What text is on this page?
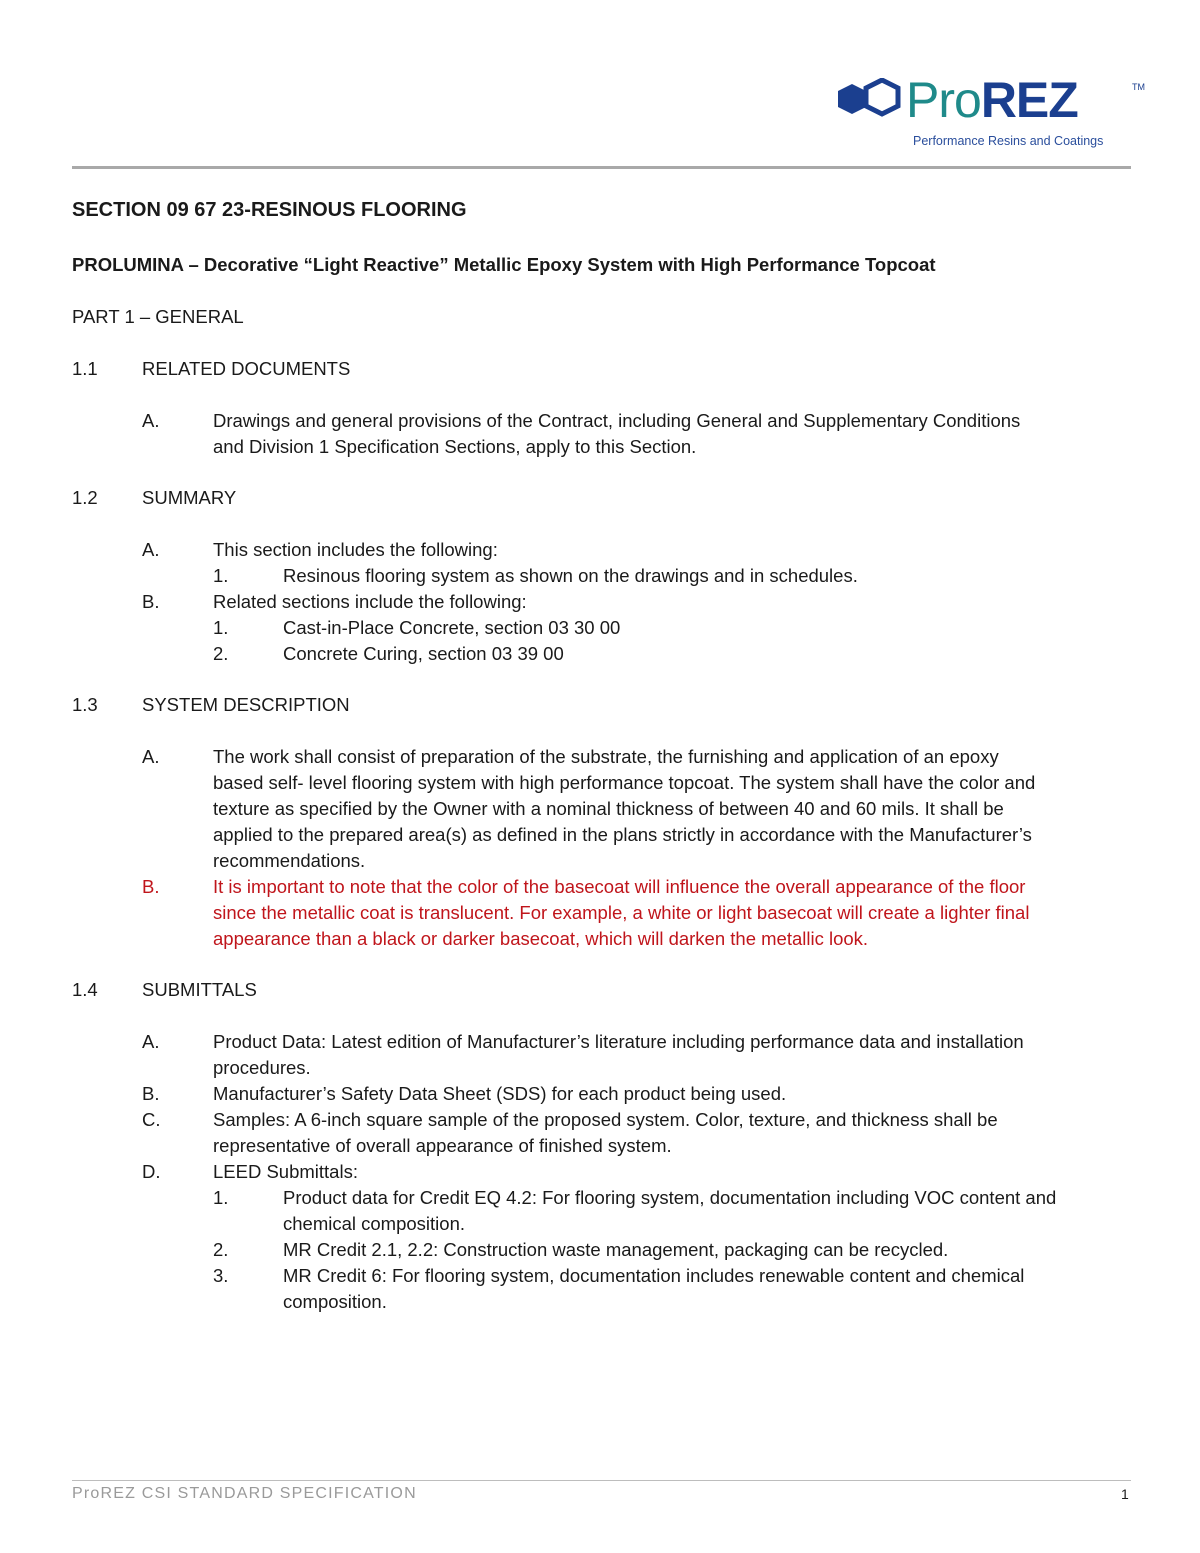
ProREZ	TM
Performance Resins and Coatings
SECTION 09 67 23-RESINOUS FLOORING
PROLUMINA – Decorative “Light Reactive” Metallic Epoxy System with High Performance Topcoat
PART 1 – GENERAL
1.1 RELATED DOCUMENTS
A.	Drawings and general provisions of the Contract, including General and Supplementary Conditions
and Division 1 Specification Sections, apply to this Section.
1.2 SUMMARY
A.	This section includes the following:
1.	Resinous flooring system as shown on the drawings and in schedules.
B.	Related sections include the following:
1.	Cast-in-Place Concrete, section 03 30 00
2.	Concrete Curing, section 03 39 00
1.3 SYSTEM DESCRIPTION
A.	The work shall consist of preparation of the substrate, the furnishing and application of an epoxy
based self- level flooring system with high performance topcoat. The system shall have the color and
texture as specified by the Owner with a nominal thickness of between 40 and 60 mils. It shall be
applied to the prepared area(s) as defined in the plans strictly in accordance with the Manufacturer’s
recommendations.
B.	It is important to note that the color of the basecoat will influence the overall appearance of the floor
since the metallic coat is translucent. For example, a white or light basecoat will create a lighter final
appearance than a black or darker basecoat, which will darken the metallic look.
1.4 SUBMITTALS
A.	Product Data: Latest edition of Manufacturer’s literature including performance data and installation
procedures.
B.	Manufacturer’s Safety Data Sheet (SDS) for each product being used.
C.	Samples: A 6-inch square sample of the proposed system. Color, texture, and thickness shall be
representative of overall appearance of finished system.
D.	LEED Submittals:
1.	Product data for Credit EQ 4.2: For flooring system, documentation including VOC content and
chemical composition.
2.	MR Credit 2.1, 2.2: Construction waste management, packaging can be recycled.
3.	MR Credit 6: For flooring system, documentation includes renewable content and chemical
composition.
ProREZ CSI STANDARD SPECIFICATION	1
